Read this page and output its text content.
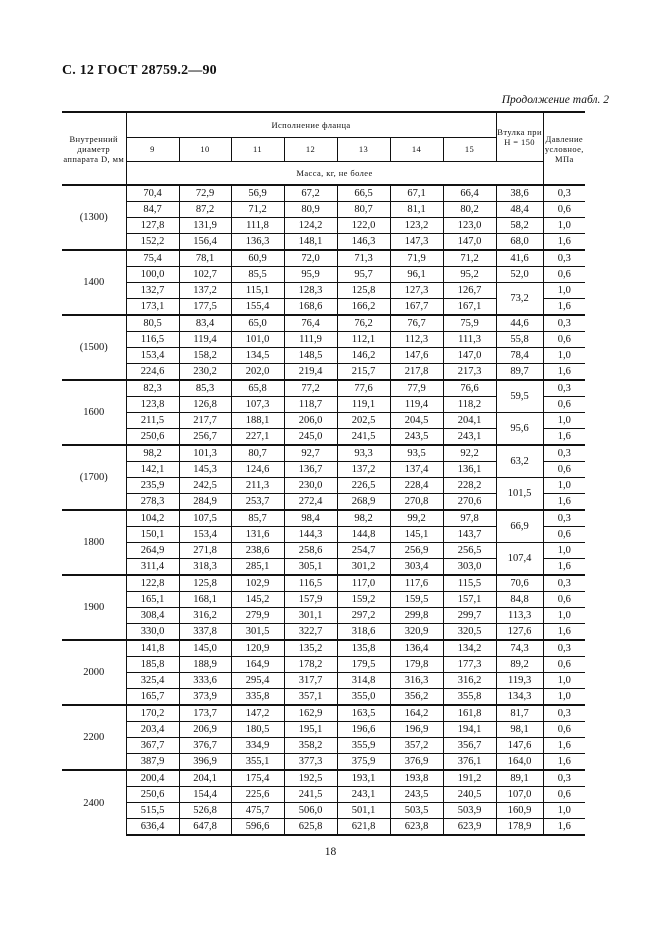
С. 12 ГОСТ 28759.2—90
Продолжение табл. 2
Внутренний диаметр аппарата D, мм	Исполнение фланца							Втулка при H = 150	Давление условное, МПа
	9	10	11	12	13	14	15		
	Масса, кг, не более								
(1300)	70,4	72,9	56,9	67,2	66,5	67,1	66,4	38,6	0,3
	84,7	87,2	71,2	80,9	80,7	81,1	80,2	48,4	0,6
	127,8	131,9	111,8	124,2	122,0	123,2	123,0	58,2	1,0
	152,2	156,4	136,3	148,1	146,3	147,3	147,0	68,0	1,6
1400	75,4	78,1	60,9	72,0	71,3	71,9	71,2	41,6	0,3
	100,0	102,7	85,5	95,9	95,7	96,1	95,2	52,0	0,6
	132,7	137,2	115,1	128,3	125,8	127,3	126,7	73,2	1,0
	173,1	177,5	155,4	168,6	166,2	167,7	167,1		1,6
(1500)	80,5	83,4	65,0	76,4	76,2	76,7	75,9	44,6	0,3
	116,5	119,4	101,0	111,9	112,1	112,3	111,3	55,8	0,6
	153,4	158,2	134,5	148,5	146,2	147,6	147,0	78,4	1,0
	224,6	230,2	202,0	219,4	215,7	217,8	217,3	89,7	1,6
1600	82,3	85,3	65,8	77,2	77,6	77,9	76,6	59,5	0,3
	123,8	126,8	107,3	118,7	119,1	119,4	118,2		0,6
	211,5	217,7	188,1	206,0	202,5	204,5	204,1	95,6	1,0
	250,6	256,7	227,1	245,0	241,5	243,5	243,1		1,6
(1700)	98,2	101,3	80,7	92,7	93,3	93,5	92,2	63,2	0,3
	142,1	145,3	124,6	136,7	137,2	137,4	136,1		0,6
	235,9	242,5	211,3	230,0	226,5	228,4	228,2	101,5	1,0
	278,3	284,9	253,7	272,4	268,9	270,8	270,6		1,6
1800	104,2	107,5	85,7	98,4	98,2	99,2	97,8	66,9	0,3
	150,1	153,4	131,6	144,3	144,8	145,1	143,7		0,6
	264,9	271,8	238,6	258,6	254,7	256,9	256,5	107,4	1,0
	311,4	318,3	285,1	305,1	301,2	303,4	303,0		1,6
1900	122,8	125,8	102,9	116,5	117,0	117,6	115,5	70,6	0,3
	165,1	168,1	145,2	157,9	159,2	159,5	157,1	84,8	0,6
	308,4	316,2	279,9	301,1	297,2	299,8	299,7	113,3	1,0
	330,0	337,8	301,5	322,7	318,6	320,9	320,5	127,6	1,6
2000	141,8	145,0	120,9	135,2	135,8	136,4	134,2	74,3	0,3
	185,8	188,9	164,9	178,2	179,5	179,8	177,3	89,2	0,6
	325,4	333,6	295,4	317,7	314,8	316,3	316,2	119,3	1,0
	165,7	373,9	335,8	357,1	355,0	356,2	355,8	134,3	1,0
2200	170,2	173,7	147,2	162,9	163,5	164,2	161,8	81,7	0,3
	203,4	206,9	180,5	195,1	196,6	196,9	194,1	98,1	0,6
	367,7	376,7	334,9	358,2	355,9	357,2	356,7	147,6	1,6
	387,9	396,9	355,1	377,3	375,9	376,9	376,1	164,0	1,6
2400	200,4	204,1	175,4	192,5	193,1	193,8	191,2	89,1	0,3
	250,6	154,4	225,6	241,5	243,1	243,5	240,5	107,0	0,6
	515,5	526,8	475,7	506,0	501,1	503,5	503,9	160,9	1,0
	636,4	647,8	596,6	625,8	621,8	623,8	623,9	178,9	1,6
18
